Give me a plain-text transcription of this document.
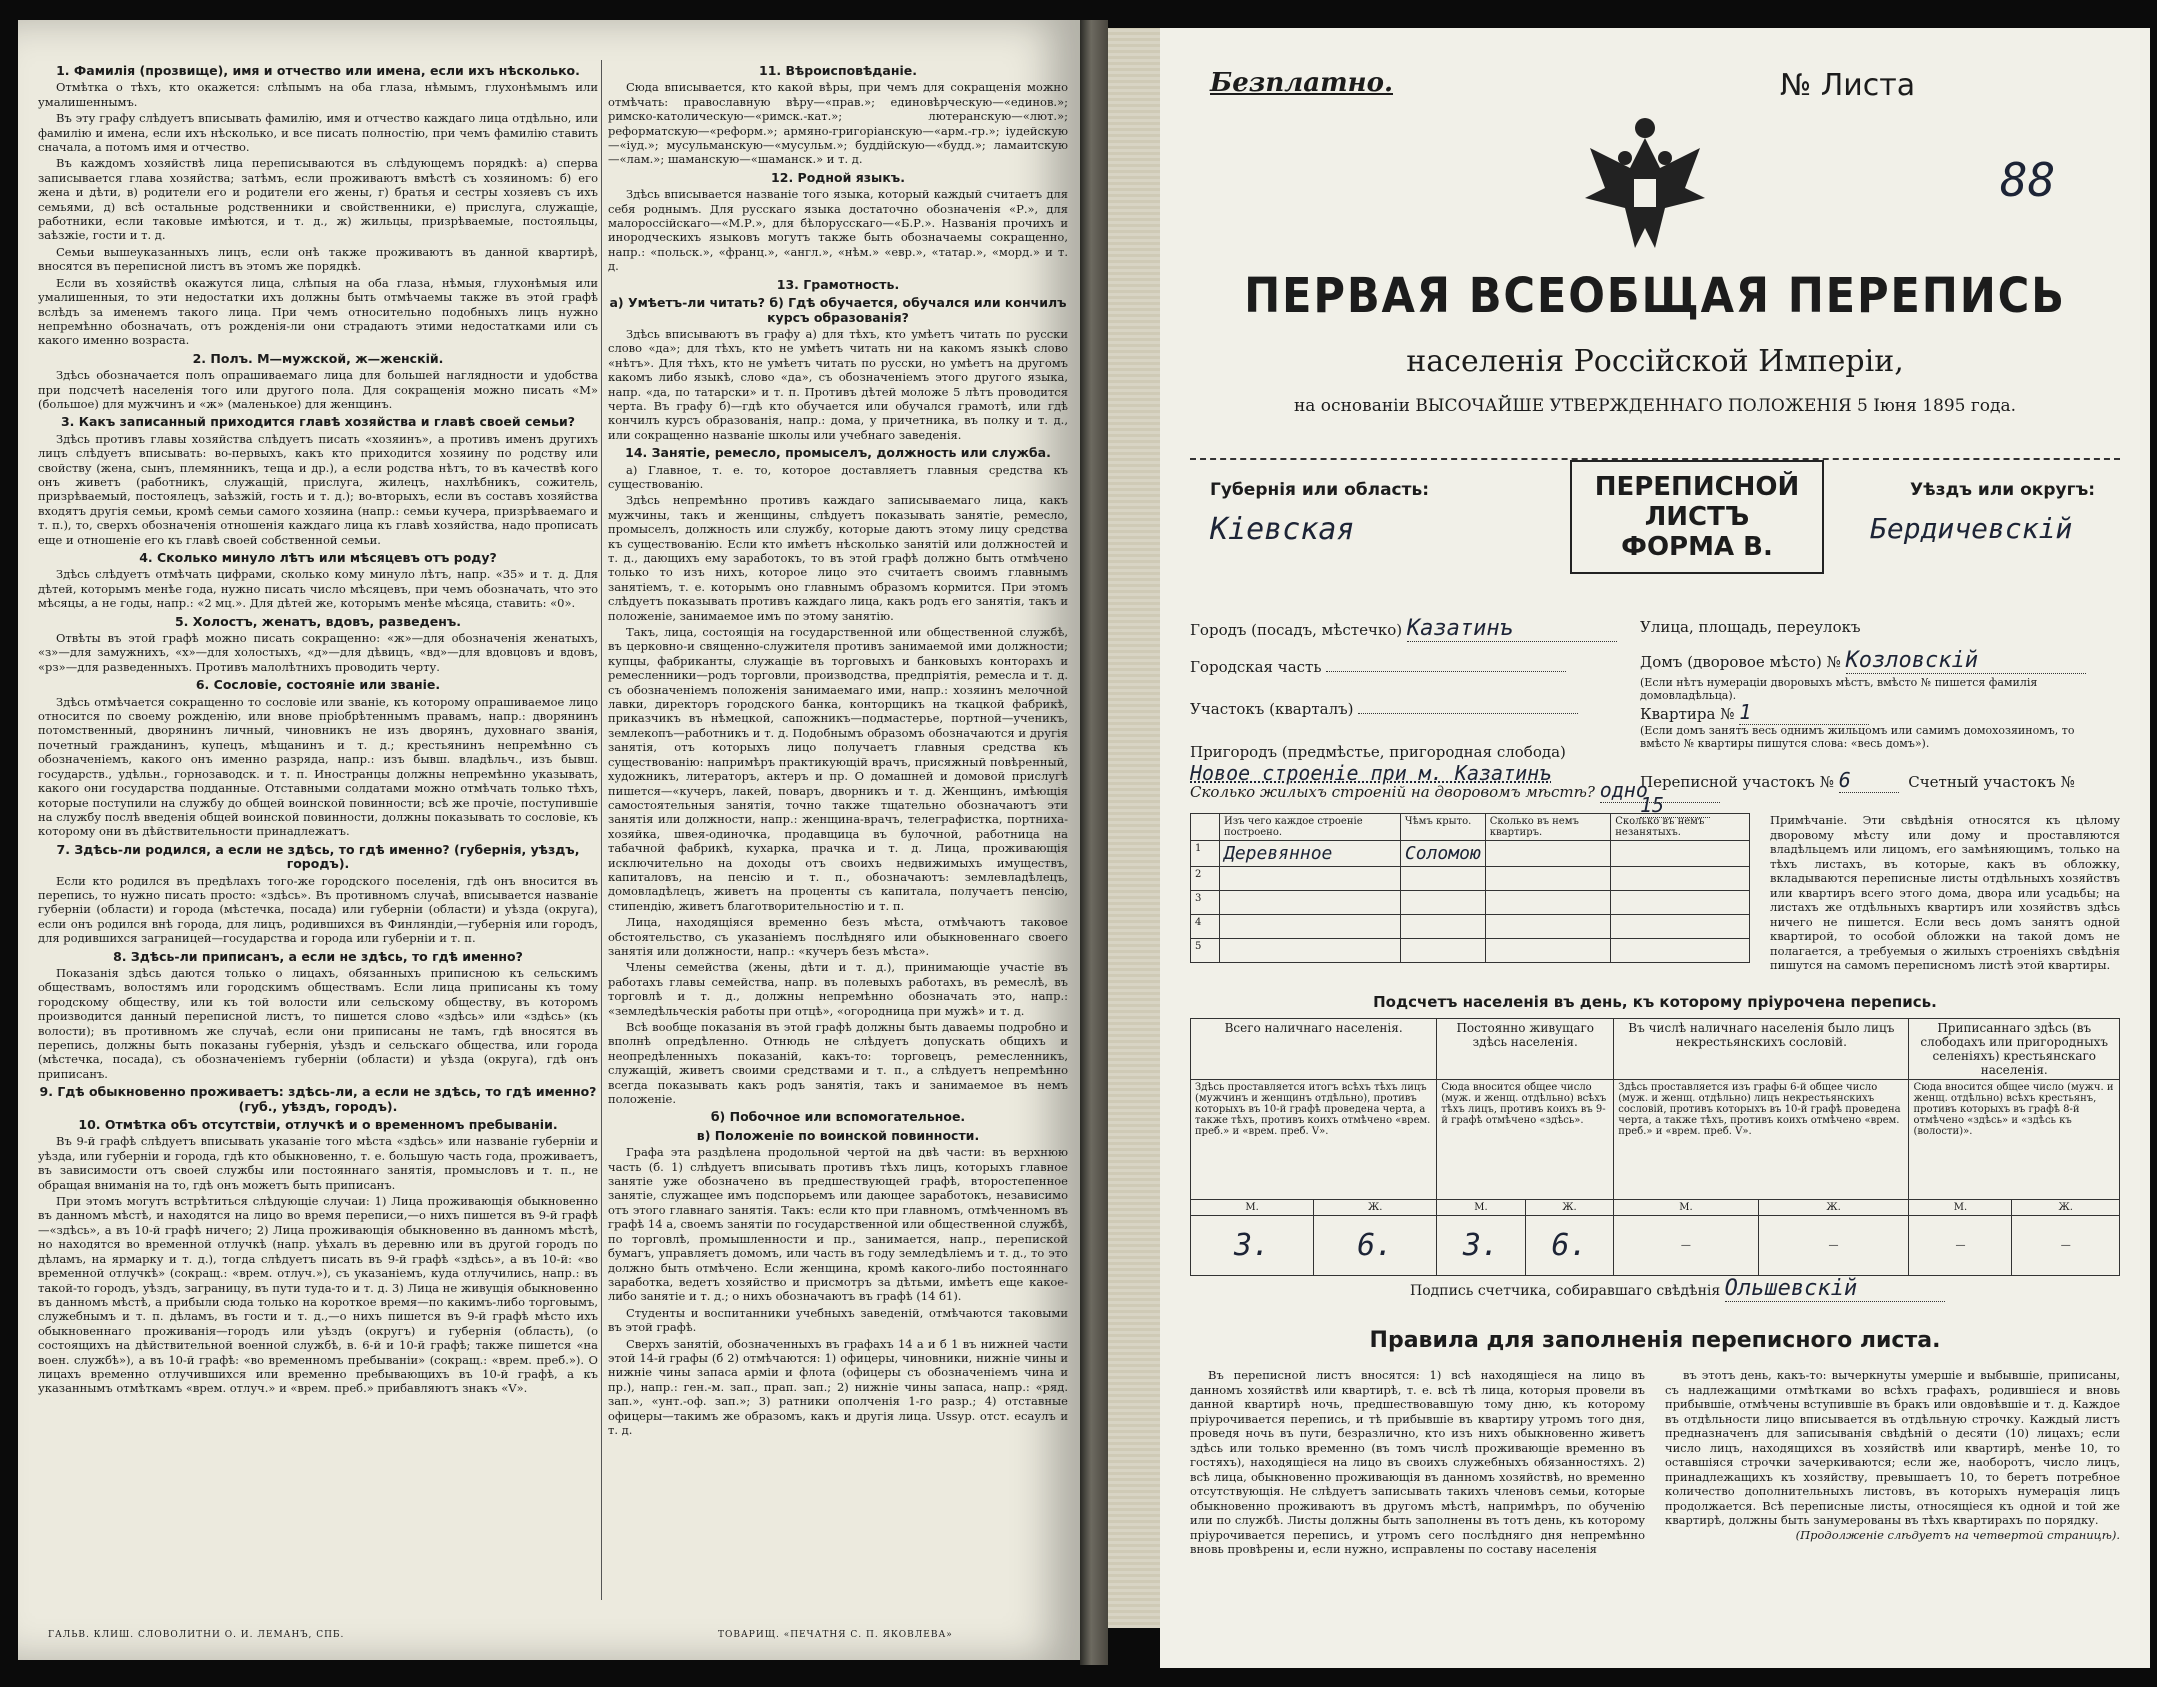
1. Фамилія (прозвище), имя и отчество или имена, если ихъ нѣсколько.

Отмѣтка о тѣхъ, кто окажется: слѣпымъ на оба глаза, нѣмымъ, глухонѣмымъ или умалишеннымъ.

Въ эту графу слѣдуетъ вписывать фамилію, имя и отчество каждаго лица отдѣльно, или фамилію и имена, если ихъ нѣсколько, и все писать полностію, при чемъ фамилію ставить сначала, а потомъ имя и отчество.

Въ каждомъ хозяйствѣ лица переписываются въ слѣдующемъ порядкѣ: а) сперва записывается глава хозяйства; затѣмъ, если проживаютъ вмѣстѣ съ хозяиномъ: б) его жена и дѣти, в) родители его и родители его жены, г) братья и сестры хозяевъ съ ихъ семьями, д) всѣ остальные родственники и свойственники, е) прислуга, служащіе, работники, если таковые имѣются, и т. д., ж) жильцы, призрѣваемые, постояльцы, заѣзжіе, гости и т. д.

Семьи вышеуказанныхъ лицъ, если онѣ также проживаютъ въ данной квартирѣ, вносятся въ переписной листъ въ этомъ же порядкѣ.

Если въ хозяйствѣ окажутся лица, слѣпыя на оба глаза, нѣмыя, глухонѣмыя или умалишенныя, то эти недостатки ихъ должны быть отмѣчаемы также въ этой графѣ вслѣдъ за именемъ такого лица. При чемъ относительно подобныхъ лицъ нужно непремѣнно обозначать, отъ рожденія-ли они страдаютъ этими недостатками или съ какого именно возраста.

2. Полъ. М—мужской, ж—женскій.

Здѣсь обозначается полъ опрашиваемаго лица для большей наглядности и удобства при подсчетѣ населенія того или другого пола. Для сокращенія можно писать «М» (большое) для мужчинъ и «ж» (маленькое) для женщинъ.

3. Какъ записанный приходится главѣ хозяйства и главѣ своей семьи?

Здѣсь противъ главы хозяйства слѣдуетъ писать «хозяинъ», а противъ именъ другихъ лицъ слѣдуетъ вписывать: во-первыхъ, какъ кто приходится хозяину по родству или свойству (жена, сынъ, племянникъ, теща и др.), а если родства нѣтъ, то въ качествѣ кого онъ живетъ (работникъ, служащій, прислуга, жилецъ, нахлѣбникъ, сожитель, призрѣваемый, постоялецъ, заѣзжій, гость и т. д.); во-вторыхъ, если въ составъ хозяйства входятъ другія семьи, кромѣ семьи самого хозяина (напр.: семьи кучера, призрѣваемаго и т. п.), то, сверхъ обозначенія отношенія каждаго лица къ главѣ хозяйства, надо прописать еще и отношеніе его къ главѣ своей собственной семьи.

4. Сколько минуло лѣтъ или мѣсяцевъ отъ роду?

Здѣсь слѣдуетъ отмѣчать цифрами, сколько кому минуло лѣтъ, напр. «35» и т. д. Для дѣтей, которымъ менѣе года, нужно писать число мѣсяцевъ, при чемъ обозначать, что это мѣсяцы, а не годы, напр.: «2 мц.». Для дѣтей же, которымъ менѣе мѣсяца, ставить: «0».

5. Холостъ, женатъ, вдовъ, разведенъ.

Отвѣты въ этой графѣ можно писать сокращенно: «ж»—для обозначенія женатыхъ, «з»—для замужнихъ, «х»—для холостыхъ, «д»—для дѣвицъ, «вд»—для вдовцовъ и вдовъ, «рз»—для разведенныхъ. Противъ малолѣтнихъ проводить черту.

6. Сословіе, состояніе или званіе.

Здѣсь отмѣчается сокращенно то сословіе или званіе, къ которому опрашиваемое лицо относится по своему рожденію, или внове пріобрѣтеннымъ правамъ, напр.: дворянинъ потомственный, дворянинъ личный, чиновникъ не изъ дворянъ, духовнаго званія, почетный гражданинъ, купецъ, мѣщанинъ и т. д.; крестьянинъ непремѣнно съ обозначеніемъ, какого онъ именно разряда, напр.: изъ бывш. владѣльч., изъ бывш. государств., удѣльн., горнозаводск. и т. п. Иностранцы должны непремѣнно указывать, какого они государства подданные. Отставными солдатами можно отмѣчать только тѣхъ, которые поступили на службу до общей воинской повинности; всѣ же прочіе, поступившіе на службу послѣ введенія общей воинской повинности, должны показывать то сословіе, къ которому они въ дѣйствительности принадлежатъ.

7. Здѣсь-ли родился, а если не здѣсь, то гдѣ именно? (губернія, уѣздъ, городъ).

Если кто родился въ предѣлахъ того-же городского поселенія, гдѣ онъ вносится въ перепись, то нужно писать просто: «здѣсь». Въ противномъ случаѣ, вписывается названіе губерніи (области) и города (мѣстечка, посада) или губерніи (области) и уѣзда (округа), если онъ родился внѣ города, для лицъ, родившихся въ Финляндіи,—губернія или городъ, для родившихся заграницей—государства и города или губерніи и т. п.

8. Здѣсь-ли приписанъ, а если не здѣсь, то гдѣ именно?

Показанія здѣсь даются только о лицахъ, обязанныхъ приписною къ сельскимъ обществамъ, волостямъ или городскимъ обществамъ. Если лица приписаны къ тому городскому обществу, или къ той волости или сельскому обществу, въ которомъ производится данный переписной листъ, то пишется слово «здѣсь» или «здѣсь» (къ волости); въ противномъ же случаѣ, если они приписаны не тамъ, гдѣ вносятся въ перепись, должны быть показаны губернія, уѣздъ и сельскаго общества, или города (мѣстечка, посада), съ обозначеніемъ губерніи (области) и уѣзда (округа), гдѣ онъ приписанъ.

9. Гдѣ обыкновенно проживаетъ: здѣсь-ли, а если не здѣсь, то гдѣ именно? (губ., уѣздъ, городъ).
10. Отмѣтка объ отсутствіи, отлучкѣ и о временномъ пребываніи.

Въ 9-й графѣ слѣдуетъ вписывать указаніе того мѣста «здѣсь» или названіе губерніи и уѣзда, или губерніи и города, гдѣ кто обыкновенно, т. е. большую часть года, проживаетъ, въ зависимости отъ своей службы или постояннаго занятія, промысловъ и т. п., не обращая вниманія на то, гдѣ онъ можетъ быть приписанъ.

При этомъ могутъ встрѣтиться слѣдующіе случаи: 1) Лица проживающія обыкновенно въ данномъ мѣстѣ, и находятся на лицо во время переписи,—о нихъ пишется въ 9-й графѣ—«здѣсь», а въ 10-й графѣ ничего; 2) Лица проживающія обыкновенно въ данномъ мѣстѣ, но находятся во временной отлучкѣ (напр. уѣхалъ въ деревню или въ другой городъ по дѣламъ, на ярмарку и т. д.), тогда слѣдуетъ писать въ 9-й графѣ «здѣсь», а въ 10-й: «во временной отлучкѣ» (сокращ.: «врем. отлуч.»), съ указаніемъ, куда отлучились, напр.: въ такой-то городъ, уѣздъ, заграницу, въ пути туда-то и т. д. 3) Лица не живущія обыкновенно въ данномъ мѣстѣ, а прибыли сюда только на короткое время—по какимъ-либо торговымъ, служебнымъ и т. п. дѣламъ, въ гости и т. д.,—о нихъ пишется въ 9-й графѣ мѣсто ихъ обыкновеннаго проживанія—городъ или уѣздъ (округъ) и губернія (область), (о состоящихъ на дѣйствительной военной службѣ, в. 6-й и 10-й графѣ; также пишется «на воен. службѣ»), а въ 10-й графѣ: «во временномъ пребываніи» (сокращ.: «врем. преб.»). О лицахъ временно отлучившихся или временно пребывающихъ въ 10-й графѣ, а къ указаннымъ отмѣткамъ «врем. отлуч.» и «врем. преб.» прибавляютъ знакъ «V».

11. Вѣроисповѣданіе.

Сюда вписывается, кто какой вѣры, при чемъ для сокращенія можно отмѣчать: православную вѣру—«прав.»; единовѣрческую—«единов.»; римско-католическую—«римск.-кат.»; лютеранскую—«лют.»; реформатскую—«реформ.»; армяно-григоріанскую—«арм.-гр.»; іудейскую—«іуд.»; мусульманскую—«мусульм.»; буддійскую—«будд.»; ламаитскую—«лам.»; шаманскую—«шаманск.» и т. д.

12. Родной языкъ.

Здѣсь вписывается названіе того языка, который каждый считаетъ для себя роднымъ. Для русскаго языка достаточно обозначенія «Р.», для малороссійскаго—«М.Р.», для бѣлорусскаго—«Б.Р.». Названія прочихъ и инородческихъ языковъ могутъ также быть обозначаемы сокращенно, напр.: «польск.», «франц.», «англ.», «нѣм.» «евр.», «татар.», «морд.» и т. д.

13. Грамотность.
а) Умѣетъ-ли читать? б) Гдѣ обучается, обучался или кончилъ курсъ образованія?

Здѣсь вписываютъ въ графу а) для тѣхъ, кто умѣетъ читать по русски слово «да»; для тѣхъ, кто не умѣетъ читать ни на какомъ языкѣ слово «нѣтъ». Для тѣхъ, кто не умѣетъ читать по русски, но умѣетъ на другомъ какомъ либо языкѣ, слово «да», съ обозначеніемъ этого другого языка, напр. «да, по татарски» и т. п. Противъ дѣтей моложе 5 лѣтъ проводится черта. Въ графу б)—гдѣ кто обучается или обучался грамотѣ, или гдѣ кончилъ курсъ образованія, напр.: дома, у причетника, въ полку и т. д., или сокращенно названіе школы или учебнаго заведенія.

14. Занятіе, ремесло, промыселъ, должность или служба.

а) Главное, т. е. то, которое доставляетъ главныя средства къ существованію.

Здѣсь непремѣнно противъ каждаго записываемаго лица, какъ мужчины, такъ и женщины, слѣдуетъ показывать занятіе, ремесло, промыселъ, должность или службу, которые даютъ этому лицу средства къ существованію. Если кто имѣетъ нѣсколько занятій или должностей и т. д., дающихъ ему заработокъ, то въ этой графѣ должно быть отмѣчено только то изъ нихъ, которое лицо это считаетъ своимъ главнымъ занятіемъ, т. е. которымъ оно главнымъ образомъ кормится. При этомъ слѣдуетъ показывать противъ каждаго лица, какъ родъ его занятія, такъ и положеніе, занимаемое имъ по этому занятію.

Такъ, лица, состоящія на государственной или общественной службѣ, въ церковно-и священно-служителя противъ занимаемой ими должности; купцы, фабриканты, служащіе въ торговыхъ и банковыхъ конторахъ и ремесленники—родъ торговли, производства, предпріятія, ремесла и т. д. съ обозначеніемъ положенія занимаемаго ими, напр.: хозяинъ мелочной лавки, директоръ городского банка, конторщикъ на ткацкой фабрикѣ, приказчикъ въ нѣмецкой, сапожникъ—подмастерье, портной—ученикъ, землекопъ—работникъ и т. д. Подобнымъ образомъ обозначаются и другія занятія, отъ которыхъ лицо получаетъ главныя средства къ существованію: напримѣръ практикующій врачъ, присяжный повѣренный, художникъ, литераторъ, актеръ и пр. О домашней и домовой прислугѣ пишется—«кучеръ, лакей, поваръ, дворникъ и т. д. Женщинъ, имѣющія самостоятельныя занятія, точно также тщательно обозначаютъ эти занятія или должности, напр.: женщина-врачъ, телеграфистка, портниха-хозяйка, швея-одиночка, продавщица въ булочной, работница на табачной фабрикѣ, кухарка, прачка и т. д. Лица, проживающія исключительно на доходы отъ своихъ недвижимыхъ имуществъ, капиталовъ, на пенсію и т. п., обозначаютъ: землевладѣлецъ, домовладѣлецъ, живетъ на проценты съ капитала, получаетъ пенсію, стипендію, живетъ благотворительностію и т. п.

Лица, находящіяся временно безъ мѣста, отмѣчаютъ таковое обстоятельство, съ указаніемъ послѣдняго или обыкновеннаго своего занятія или должности, напр.: «кучеръ безъ мѣста».

Члены семейства (жены, дѣти и т. д.), принимающіе участіе въ работахъ главы семейства, напр. въ полевыхъ работахъ, въ ремеслѣ, въ торговлѣ и т. д., должны непремѣнно обозначать это, напр.: «земледѣльческія работы при отцѣ», «огородница при мужѣ» и т. д.

Всѣ вообще показанія въ этой графѣ должны быть даваемы подробно и вполнѣ опредѣленно. Отнюдь не слѣдуетъ допускать общихъ и неопредѣленныхъ показаній, какъ-то: торговецъ, ремесленникъ, служащій, живетъ своими средствами и т. п., а слѣдуетъ непремѣнно всегда показывать какъ родъ занятія, такъ и занимаемое въ немъ положеніе.

б) Побочное или вспомогательное.
в) Положеніе по воинской повинности.

Графа эта раздѣлена продольной чертой на двѣ части: въ верхнюю часть (б. 1) слѣдуетъ вписывать противъ тѣхъ лицъ, которыхъ главное занятіе уже обозначено въ предшествующей графѣ, второстепенное занятіе, служащее имъ подспорьемъ или дающее заработокъ, независимо отъ этого главнаго занятія. Такъ: если кто при главномъ, отмѣченномъ въ графѣ 14 а, своемъ занятіи по государственной или общественной службѣ, по торговлѣ, промышленности и пр., занимается, напр., перепиской бумагъ, управляетъ домомъ, или часть въ году земледѣліемъ и т. д., то это должно быть отмѣчено. Если женщина, кромѣ какого-либо постояннаго заработка, ведетъ хозяйство и присмотръ за дѣтьми, имѣетъ еще какое-либо занятіе и т. д.; о нихъ обозначаютъ въ графѣ (14 б1).

Студенты и воспитанники учебныхъ заведеній, отмѣчаются таковыми въ этой графѣ.

Сверхъ занятій, обозначенныхъ въ графахъ 14 а и б 1 въ нижней части этой 14-й графы (б 2) отмѣчаются: 1) офицеры, чиновники, нижніе чины и нижніе чины запаса арміи и флота (офицеры съ обозначеніемъ чина и пр.), напр.: ген.-м. зап., прап. зап.; 2) нижніе чины запаса, напр.: «ряд. зап.», «унт.-оф. зап.»; 3) ратники ополченія 1-го разр.; 4) отставные офицеры—такимъ же образомъ, какъ и другія лица. Ussур. отст. есаулъ и т. д.

ГАЛЬВ. КЛИШ. СЛОВОЛИТНИ О. И. ЛЕМАНЪ, СПБ.	ТОВАРИЩ. «ПЕЧАТНЯ С. П. ЯКОВЛЕВА»
Безплатно.	№ Листа
88
ПЕРВАЯ ВСЕОБЩАЯ ПЕРЕПИСЬ
населенія Россійской Имперіи,
на основаніи ВЫСОЧАЙШЕ УТВЕРЖДЕННАГО ПОЛОЖЕНІЯ 5 Іюня 1895 года.
Губернія или область:
Кіевская
ПЕРЕПИСНОЙ ЛИСТЪ
ФОРМА В.
Уѣздъ или округъ:
Бердичевскій
Городъ (посадъ, мѣстечко) Казатинъ	Улица, площадь, переулокъ
Городская часть	Домъ (дворовое мѣсто) № Козловскій
(Если нѣтъ нумераціи дворовыхъ мѣстъ, вмѣсто № пишется фамилія домовладѣльца).
Участокъ (кварталъ)	Квартира № 1
(Если домъ занятъ весь однимъ жильцомъ или самимъ домохозяиномъ, то вмѣсто № квартиры пишутся слова: «весь домъ»).
Пригородъ (предмѣстье, пригородная слобода) Новое строеніе при м. Казатинъ	Переписной участокъ № 6	Счетный участокъ № 15
Сколько жилыхъ строеній на дворовомъ мѣстѣ? одно
	Изъ чего каждое строеніе построено.	Чѣмъ крыто.	Сколько въ немъ квартиръ.	Сколько въ немъ незанятыхъ.
1	Деревянное	Соломою		
2				
3				
4				
5				
Примѣчаніе. Эти свѣдѣнія относятся къ цѣлому дворовому мѣсту или дому и проставляются владѣльцемъ или лицомъ, его замѣняющимъ, только на тѣхъ листахъ, въ которые, какъ въ обложку, вкладываются переписные листы отдѣльныхъ хозяйствъ или квартиръ всего этого дома, двора или усадьбы; на листахъ же отдѣльныхъ квартиръ или хозяйствъ здѣсь ничего не пишется. Если весь домъ занятъ одной квартирой, то особой обложки на такой домъ не полагается, а требуемыя о жилыхъ строеніяхъ свѣдѣнія пишутся на самомъ переписномъ листѣ этой квартиры.
Подсчетъ населенія въ день, къ которому пріурочена перепись.
Всего наличнаго населенія.		Постоянно живущаго здѣсь населенія.		Въ числѣ наличнаго населенія было лицъ некрестьянскихъ сословій.		Приписаннаго здѣсь (въ слободахъ или пригородныхъ селеніяхъ) крестьянскаго населенія.	
Здѣсь проставляется итогъ всѣхъ тѣхъ лицъ (мужчинъ и женщинъ отдѣльно), противъ которыхъ въ 10-й графѣ проведена черта, а также тѣхъ, противъ коихъ отмѣчено «врем. преб.» и «врем. преб. V».		Сюда вносится общее число (муж. и женщ. отдѣльно) всѣхъ тѣхъ лицъ, противъ коихъ въ 9-й графѣ отмѣчено «здѣсь».		Здѣсь проставляется изъ графы 6-й общее число (муж. и женщ. отдѣльно) лицъ некрестьянскихъ сословій, противъ которыхъ въ 10-й графѣ проведена черта, а также тѣхъ, противъ коихъ отмѣчено «врем. преб.» и «врем. преб. V».		Сюда вносится общее число (мужч. и женщ. отдѣльно) всѣхъ крестьянъ, противъ которыхъ въ графѣ 8-й отмѣчено «здѣсь» и «здѣсь къ (волости)».	
М.	Ж.	М.	Ж.	М.	Ж.	М.	Ж.
3.	6.	3.	6.	—	—	—	—
Подпись счетчика, собиравшаго свѣдѣнія Ольшевскій
Правила для заполненія переписного листа.

Въ переписной листъ вносятся: 1) всѣ находящіеся на лицо въ данномъ хозяйствѣ или квартирѣ, т. е. всѣ тѣ лица, которыя провели въ данной квартирѣ ночь, предшествовавшую тому дню, къ которому пріурочивается перепись, и тѣ прибывшіе въ квартиру утромъ того дня, проведя ночь въ пути, безразлично, кто изъ нихъ обыкновенно живетъ здѣсь или только временно (въ томъ числѣ проживающіе временно въ гостяхъ), находящіеся на лицо въ своихъ служебныхъ обязанностяхъ. 2) всѣ лица, обыкновенно проживающія въ данномъ хозяйствѣ, но временно отсутствующія. Не слѣдуетъ записывать такихъ членовъ семьи, которые обыкновенно проживаютъ въ другомъ мѣстѣ, напримѣръ, по обученію или по службѣ. Листы должны быть заполнены въ тотъ день, къ которому пріурочивается перепись, и утромъ сего послѣдняго дня непремѣнно вновь провѣрены и, если нужно, исправлены по составу населенія

въ этотъ день, какъ-то: вычеркнуты умершіе и выбывшіе, приписаны, съ надлежащими отмѣтками во всѣхъ графахъ, родившіеся и вновь прибывшіе, отмѣчены вступившіе въ бракъ или овдовѣвшіе и т. д. Каждое въ отдѣльности лицо вписывается въ отдѣльную строчку. Каждый листъ предназначенъ для записыванія свѣдѣній о десяти (10) лицахъ; если число лицъ, находящихся въ хозяйствѣ или квартирѣ, менѣе 10, то оставшіяся строчки зачеркиваются; если же, наоборотъ, число лицъ, принадлежащихъ къ хозяйству, превышаетъ 10, то беретъ потребное количество дополнительныхъ листовъ, въ которыхъ нумерація лицъ продолжается. Всѣ переписные листы, относящіеся къ одной и той же квартирѣ, должны быть занумерованы въ тѣхъ квартирахъ по порядку.

(Продолженіе слѣдуетъ на четвертой страницѣ).
